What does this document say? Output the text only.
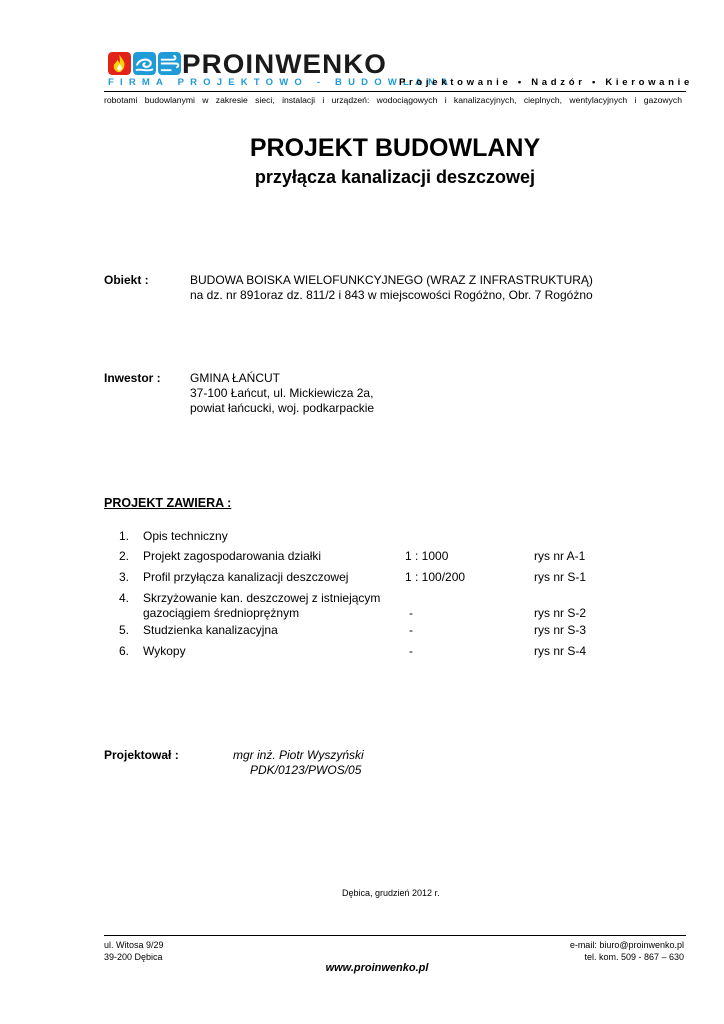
PROINWENKO
FIRMA PROJEKTOWO - BUDOWLANA
Projektowanie • Nadzór • Kierowanie
robotami budowlanymi w zakresie sieci, instalacji i urządzeń: wodociągowych i kanalizacyjnych, cieplnych, wentylacyjnych i gazowych
PROJEKT BUDOWLANY
przyłącza kanalizacji deszczowej
Obiekt :	BUDOWA BOISKA WIELOFUNKCYJNEGO (WRAZ Z INFRASTRUKTURĄ)
na dz. nr 891oraz dz. 811/2 i 843 w miejscowości Rogóżno, Obr. 7 Rogóżno
Inwestor : GMINA ŁAŃCUT
37-100 Łańcut, ul. Mickiewicza 2a,
powiat łańcucki, woj. podkarpackie
PROJEKT ZAWIERA :
1. Opis techniczny
2. Projekt zagospodarowania działki	1 : 1000	rys nr A-1
3. Profil przyłącza kanalizacji deszczowej	1 : 100/200	rys nr S-1
4. Skrzyżowanie kan. deszczowej z istniejącym
gazociągiem średnioprężnym	-	rys nr S-2
5. Studzienka kanalizacyjna	-	rys nr S-3
6. Wykopy	-	rys nr S-4
Projektował :	mgr inż. Piotr Wyszyński
PDK/0123/PWOS/05
Dębica, grudzień 2012 r.
ul. Witosa 9/29
39-200 Dębica
e-mail: biuro@proinwenko.pl
tel. kom. 509 - 867 – 630
www.proinwenko.pl
